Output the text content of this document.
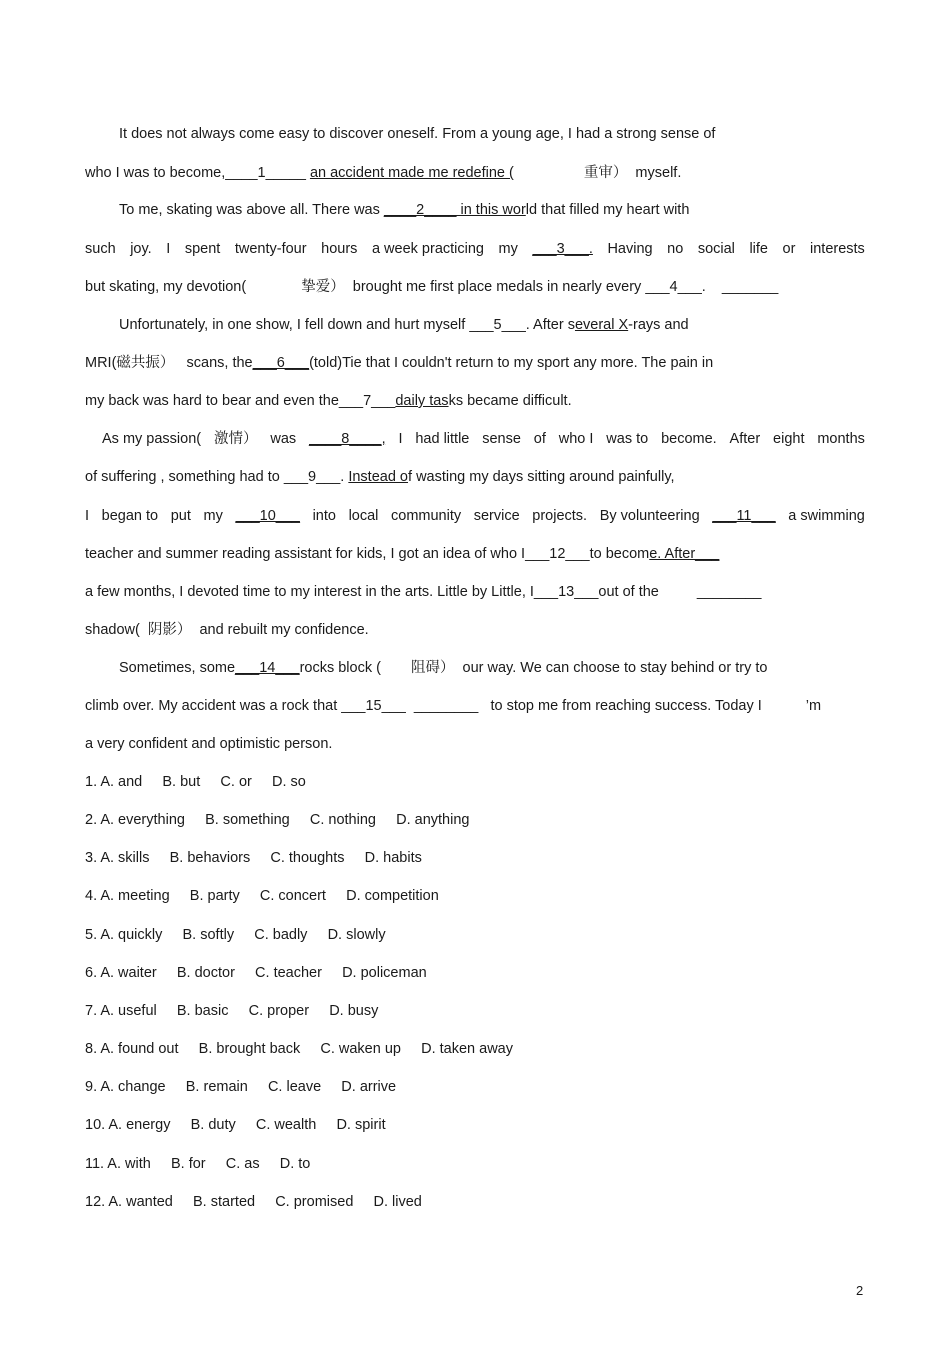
It does not always come easy to discover oneself. From a young age, I had a strong sense of
who I was to become,____1_____ an accident made me redefine (	重审） myself.
To me, skating was above all. There was ____2____ in this world that filled my heart with
such joy. I spent twenty-four hours a week practicing my ___3___. Having no social life or interests
but skating, my devotion(	挚爱） brought me first place medals in nearly every ___4___. _______
Unfortunately, in one show, I fell down and hurt myself ___5___. After several X-rays and
MRI(磁共振） scans, the___6___(told)Tie that I couldn't return to my sport any more. The pain in
my back was hard to bear and even the___7___daily tasks became difficult.
As my passion( 激情） was ____8____, I had little sense of who I was to become. After eight months
of suffering , something had to ___9___. Instead of wasting my days sitting around painfully,
I began to put my ___10___ into local community service projects. By volunteering ___11___ a swimming
teacher and summer reading assistant for kids, I got an idea of who I___12___to become. After___
a few months, I devoted time to my interest in the arts. Little by Little, I___13___out of the	________
shadow( 阴影） and rebuilt my confidence.
Sometimes, some___14___rocks block ( 阻碍） our way. We can choose to stay behind or try to
climb over. My accident was a rock that ___15___ ________ to stop me from reaching success. Today I	’m
a very confident and optimistic person.
1. A. and     B. but     C. or     D. so
2. A. everything     B. something     C. nothing     D. anything
3. A. skills     B. behaviors     C. thoughts     D. habits
4. A. meeting     B. party     C. concert     D. competition
5. A. quickly     B. softly     C. badly     D. slowly
6. A. waiter     B. doctor     C. teacher     D. policeman
7. A. useful     B. basic     C. proper     D. busy
8. A. found out     B. brought back     C. waken up     D. taken away
9. A. change     B. remain     C. leave     D. arrive
10. A. energy     B. duty     C. wealth     D. spirit
11. A. with     B. for     C. as     D. to
12. A. wanted     B. started     C. promised     D. lived
2
